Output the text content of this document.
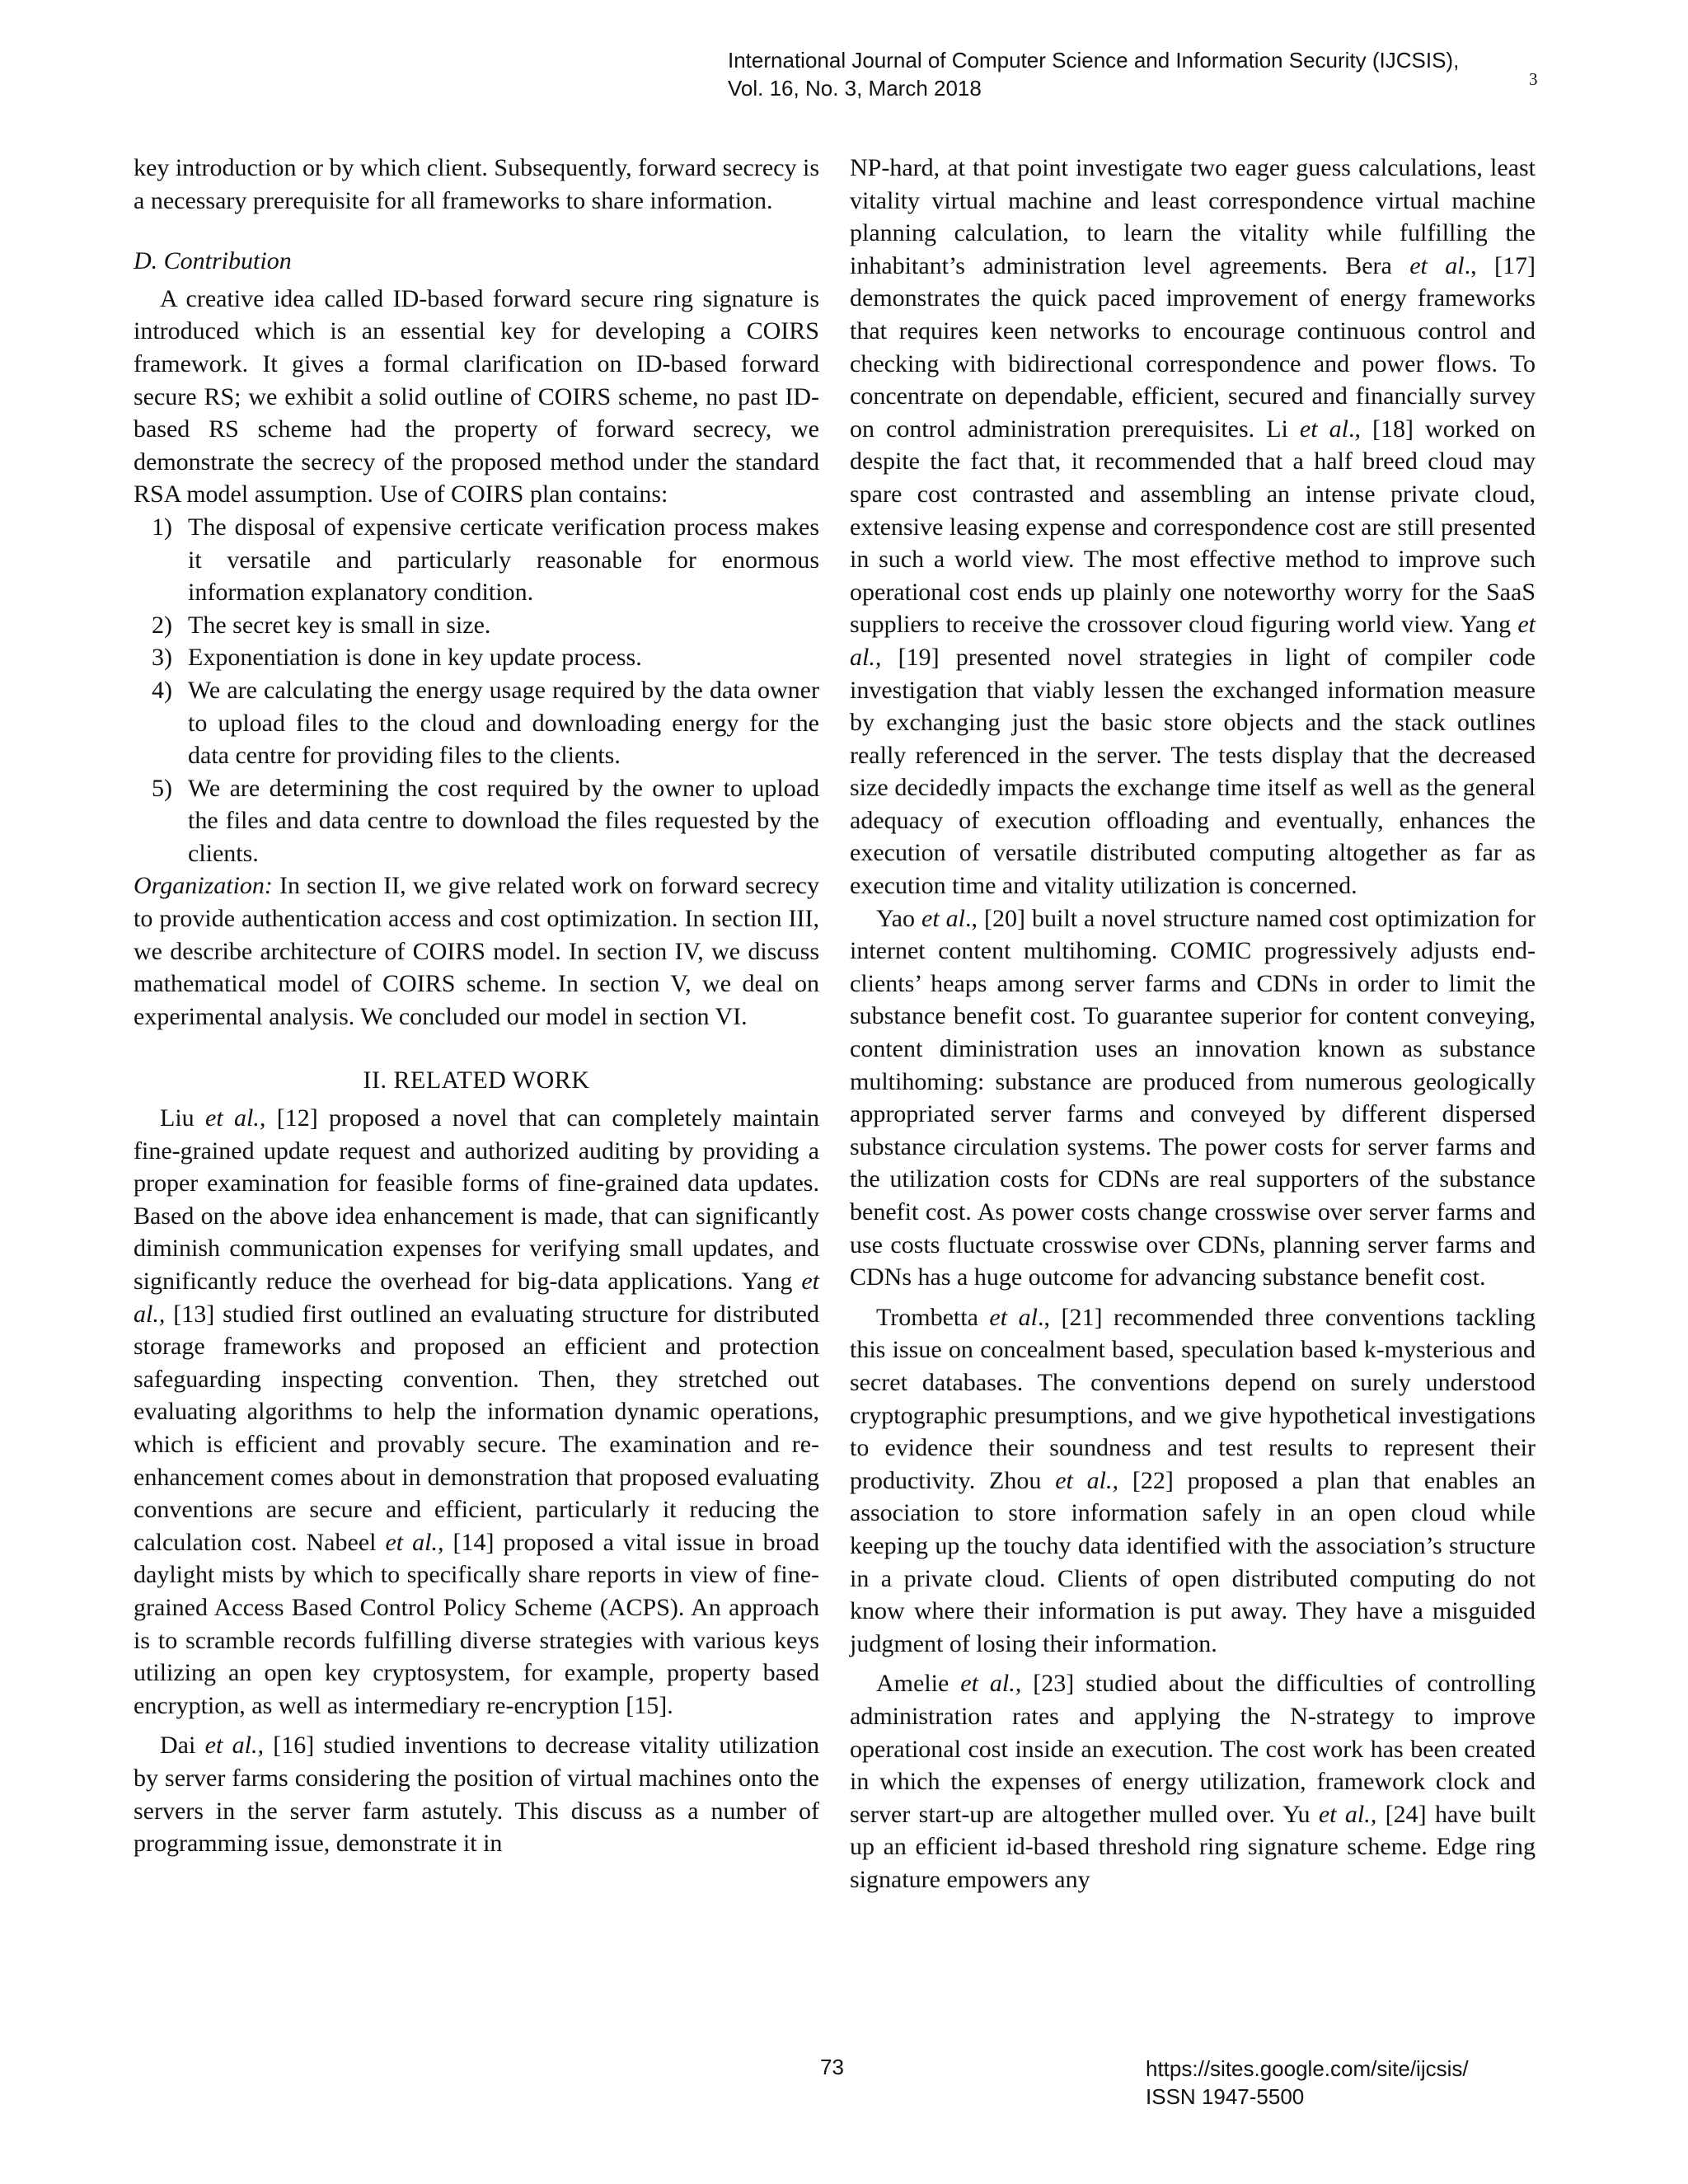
International Journal of Computer Science and Information Security (IJCSIS),
Vol. 16, No. 3, March 2018	3

key introduction or by which client. Subsequently, forward secrecy is a necessary prerequisite for all frameworks to share information.

D. Contribution

A creative idea called ID-based forward secure ring signature is introduced which is an essential key for developing a COIRS framework. It gives a formal clarification on ID-based forward secure RS; we exhibit a solid outline of COIRS scheme, no past ID-based RS scheme had the property of forward secrecy, we demonstrate the secrecy of the proposed method under the standard RSA model assumption. Use of COIRS plan contains:

1) The disposal of expensive certicate verification process makes it versatile and particularly reasonable for enormous information explanatory condition.
2) The secret key is small in size.
3) Exponentiation is done in key update process.
4) We are calculating the energy usage required by the data owner to upload files to the cloud and downloading energy for the data centre for providing files to the clients.
5) We are determining the cost required by the owner to upload the files and data centre to download the files requested by the clients.

Organization: In section II, we give related work on forward secrecy to provide authentication access and cost optimization. In section III, we describe architecture of COIRS model. In section IV, we discuss mathematical model of COIRS scheme. In section V, we deal on experimental analysis. We concluded our model in section VI.

II. RELATED WORK

Liu et al., [12] proposed a novel that can completely maintain fine-grained update request and authorized auditing by providing a proper examination for feasible forms of fine-grained data updates. Based on the above idea enhancement is made, that can significantly diminish communication expenses for verifying small updates, and significantly reduce the overhead for big-data applications. Yang et al., [13] studied first outlined an evaluating structure for distributed storage frameworks and proposed an efficient and protection safeguarding inspecting convention. Then, they stretched out evaluating algorithms to help the information dynamic operations, which is efficient and provably secure. The examination and re-enhancement comes about in demonstration that proposed evaluating conventions are secure and efficient, particularly it reducing the calculation cost. Nabeel et al., [14] proposed a vital issue in broad daylight mists by which to specifically share reports in view of fine-grained Access Based Control Policy Scheme (ACPS). An approach is to scramble records fulfilling diverse strategies with various keys utilizing an open key cryptosystem, for example, property based encryption, as well as intermediary re-encryption [15].

Dai et al., [16] studied inventions to decrease vitality utilization by server farms considering the position of virtual machines onto the servers in the server farm astutely. This discuss as a number of programming issue, demonstrate it in

NP-hard, at that point investigate two eager guess calculations, least vitality virtual machine and least correspondence virtual machine planning calculation, to learn the vitality while fulfilling the inhabitant’s administration level agreements. Bera et al., [17] demonstrates the quick paced improvement of energy frameworks that requires keen networks to encourage continuous control and checking with bidirectional correspondence and power flows. To concentrate on dependable, efficient, secured and financially survey on control administration prerequisites. Li et al., [18] worked on despite the fact that, it recommended that a half breed cloud may spare cost contrasted and assembling an intense private cloud, extensive leasing expense and correspondence cost are still presented in such a world view. The most effective method to improve such operational cost ends up plainly one noteworthy worry for the SaaS suppliers to receive the crossover cloud figuring world view. Yang et al., [19] presented novel strategies in light of compiler code investigation that viably lessen the exchanged information measure by exchanging just the basic store objects and the stack outlines really referenced in the server. The tests display that the decreased size decidedly impacts the exchange time itself as well as the general adequacy of execution offloading and eventually, enhances the execution of versatile distributed computing altogether as far as execution time and vitality utilization is concerned.

Yao et al., [20] built a novel structure named cost optimization for internet content multihoming. COMIC progressively adjusts end-clients’ heaps among server farms and CDNs in order to limit the substance benefit cost. To guarantee superior for content conveying, content diministration uses an innovation known as substance multihoming: substance are produced from numerous geologically appropriated server farms and conveyed by different dispersed substance circulation systems. The power costs for server farms and the utilization costs for CDNs are real supporters of the substance benefit cost. As power costs change crosswise over server farms and use costs fluctuate crosswise over CDNs, planning server farms and CDNs has a huge outcome for advancing substance benefit cost.

Trombetta et al., [21] recommended three conventions tackling this issue on concealment based, speculation based k-mysterious and secret databases. The conventions depend on surely understood cryptographic presumptions, and we give hypothetical investigations to evidence their soundness and test results to represent their productivity. Zhou et al., [22] proposed a plan that enables an association to store information safely in an open cloud while keeping up the touchy data identified with the association’s structure in a private cloud. Clients of open distributed computing do not know where their information is put away. They have a misguided judgment of losing their information.

Amelie et al., [23] studied about the difficulties of controlling administration rates and applying the N-strategy to improve operational cost inside an execution. The cost work has been created in which the expenses of energy utilization, framework clock and server start-up are altogether mulled over. Yu et al., [24] have built up an efficient id-based threshold ring signature scheme. Edge ring signature empowers any

73	https://sites.google.com/site/ijcsis/
ISSN 1947-5500
